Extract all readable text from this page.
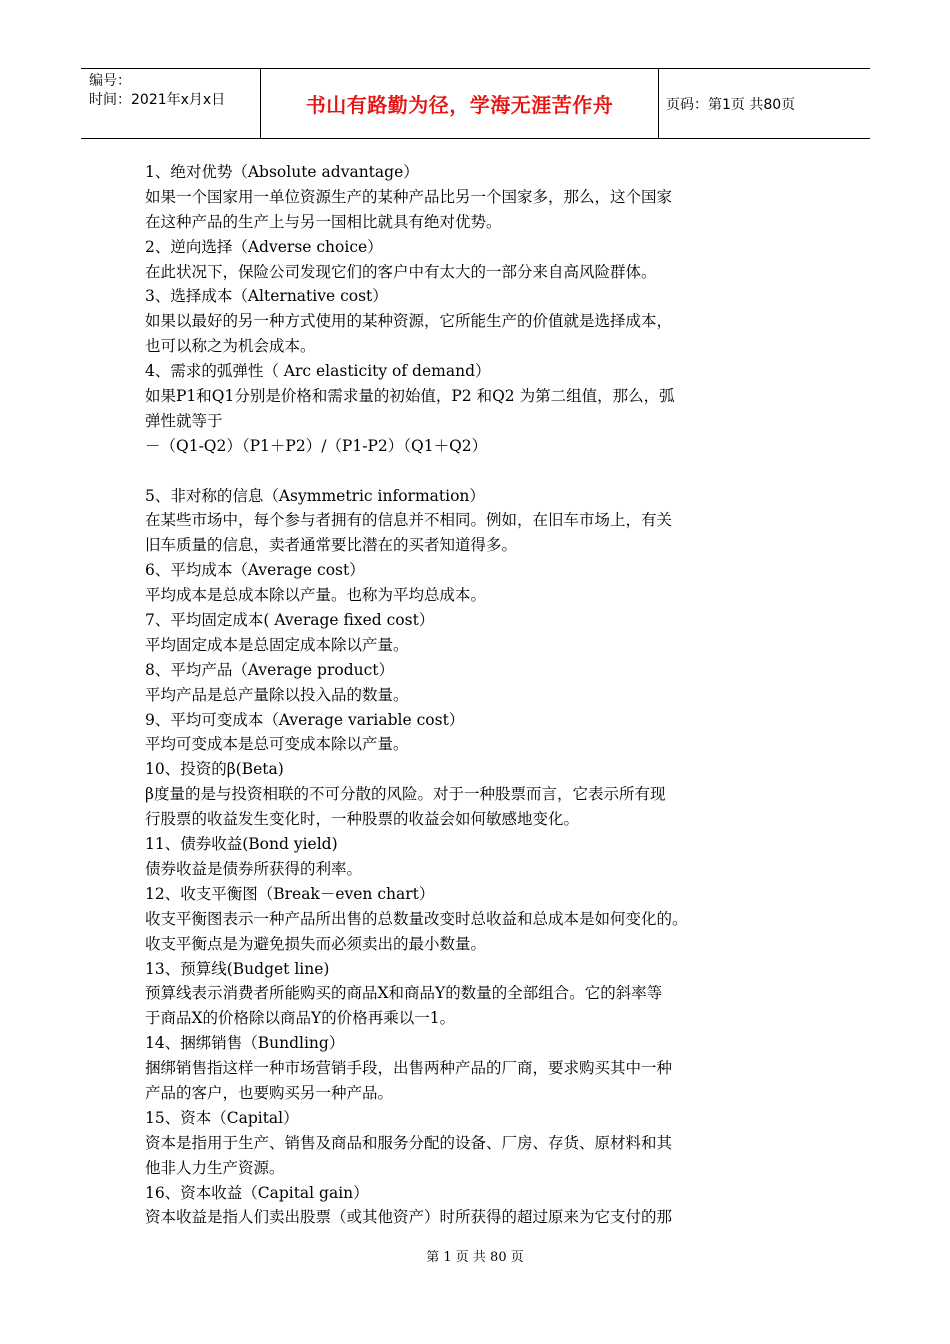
编号：
时间：2021年x月x日	书山有路勤为径，学海无涯苦作舟	页码：第1页 共80页
1、绝对优势（Absolute advantage）
如果一个国家用一单位资源生产的某种产品比另一个国家多，那么，这个国家
在这种产品的生产上与另一国相比就具有绝对优势。
2、逆向选择（Adverse choice）
在此状况下，保险公司发现它们的客户中有太大的一部分来自高风险群体。
3、选择成本（Alternative cost）
如果以最好的另一种方式使用的某种资源，它所能生产的价值就是选择成本，
也可以称之为机会成本。
4、需求的弧弹性（ Arc elasticity of demand）
如果P1和Q1分别是价格和需求量的初始值，P2 和Q2 为第二组值，那么，弧
弹性就等于
－（Q1-Q2）（P1＋P2）/（P1-P2）（Q1＋Q2）
5、非对称的信息（Asymmetric information）
在某些市场中，每个参与者拥有的信息并不相同。例如，在旧车市场上，有关
旧车质量的信息，卖者通常要比潜在的买者知道得多。
6、平均成本（Average cost）
平均成本是总成本除以产量。也称为平均总成本。
7、平均固定成本( Average fixed cost）
平均固定成本是总固定成本除以产量。
8、平均产品（Average product）
平均产品是总产量除以投入品的数量。
9、平均可变成本（Average variable cost）
平均可变成本是总可变成本除以产量。
10、投资的β(Beta)
β度量的是与投资相联的不可分散的风险。对于一种股票而言，它表示所有现
行股票的收益发生变化时，一种股票的收益会如何敏感地变化。
11、债券收益(Bond yield)
债券收益是债券所获得的利率。
12、收支平衡图（Break－even chart）
收支平衡图表示一种产品所出售的总数量改变时总收益和总成本是如何变化的。
收支平衡点是为避免损失而必须卖出的最小数量。
13、预算线(Budget line)
预算线表示消费者所能购买的商品X和商品Y的数量的全部组合。它的斜率等
于商品X的价格除以商品Y的价格再乘以一1。
14、捆绑销售（Bundling）
捆绑销售指这样一种市场营销手段，出售两种产品的厂商，要求购买其中一种
产品的客户，也要购买另一种产品。
15、资本（Capital）
资本是指用于生产、销售及商品和服务分配的设备、厂房、存货、原材料和其
他非人力生产资源。
16、资本收益（Capital gain）
资本收益是指人们卖出股票（或其他资产）时所获得的超过原来为它支付的那
第 1 页 共 80 页
